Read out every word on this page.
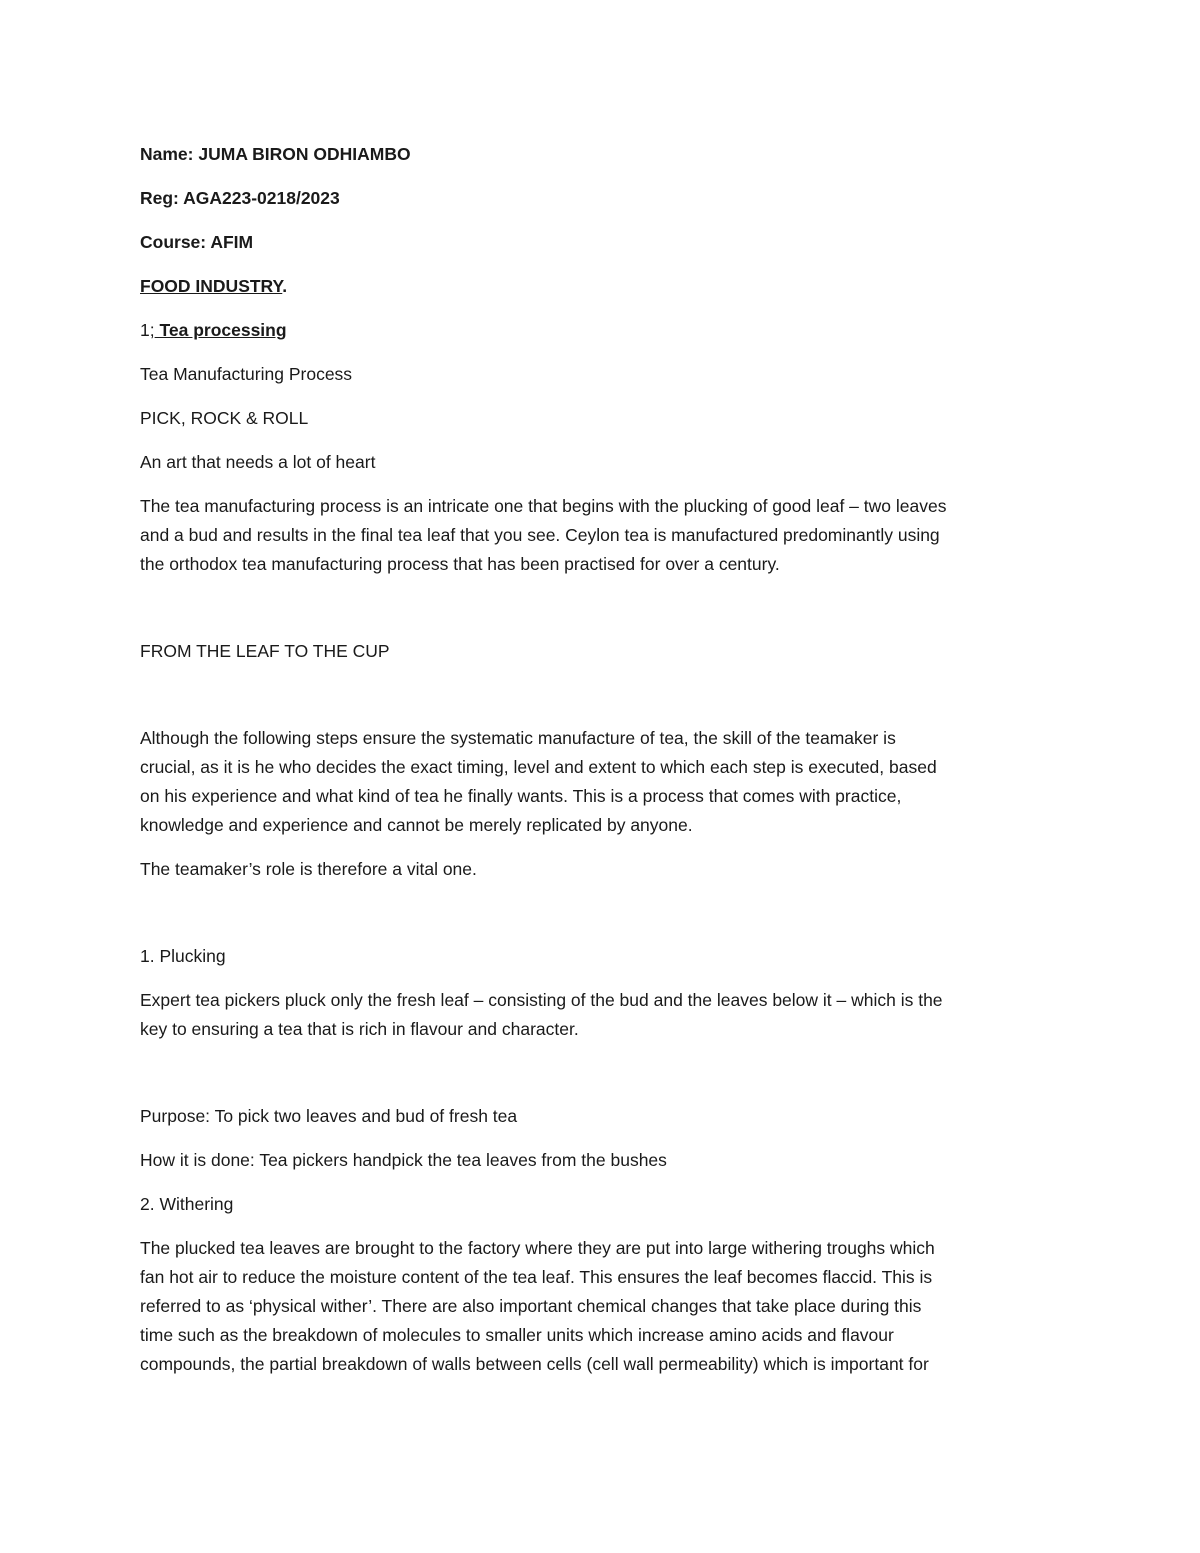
Name: JUMA BIRON ODHIAMBO
Reg: AGA223-0218/2023
Course: AFIM
FOOD INDUSTRY.
1; Tea processing
Tea Manufacturing Process
PICK, ROCK & ROLL
An art that needs a lot of heart
The tea manufacturing process is an intricate one that begins with the plucking of good leaf – two leaves
and a bud and results in the final tea leaf that you see. Ceylon tea is manufactured predominantly using
the orthodox tea manufacturing process that has been practised for over a century.
FROM THE LEAF TO THE CUP
Although the following steps ensure the systematic manufacture of tea, the skill of the teamaker is
crucial, as it is he who decides the exact timing, level and extent to which each step is executed, based
on his experience and what kind of tea he finally wants. This is a process that comes with practice,
knowledge and experience and cannot be merely replicated by anyone.
The teamaker’s role is therefore a vital one.
1. Plucking
Expert tea pickers pluck only the fresh leaf – consisting of the bud and the leaves below it – which is the
key to ensuring a tea that is rich in flavour and character.
Purpose: To pick two leaves and bud of fresh tea
How it is done: Tea pickers handpick the tea leaves from the bushes
2. Withering
The plucked tea leaves are brought to the factory where they are put into large withering troughs which
fan hot air to reduce the moisture content of the tea leaf. This ensures the leaf becomes flaccid. This is
referred to as ‘physical wither’. There are also important chemical changes that take place during this
time such as the breakdown of molecules to smaller units which increase amino acids and flavour
compounds, the partial breakdown of walls between cells (cell wall permeability) which is important for
